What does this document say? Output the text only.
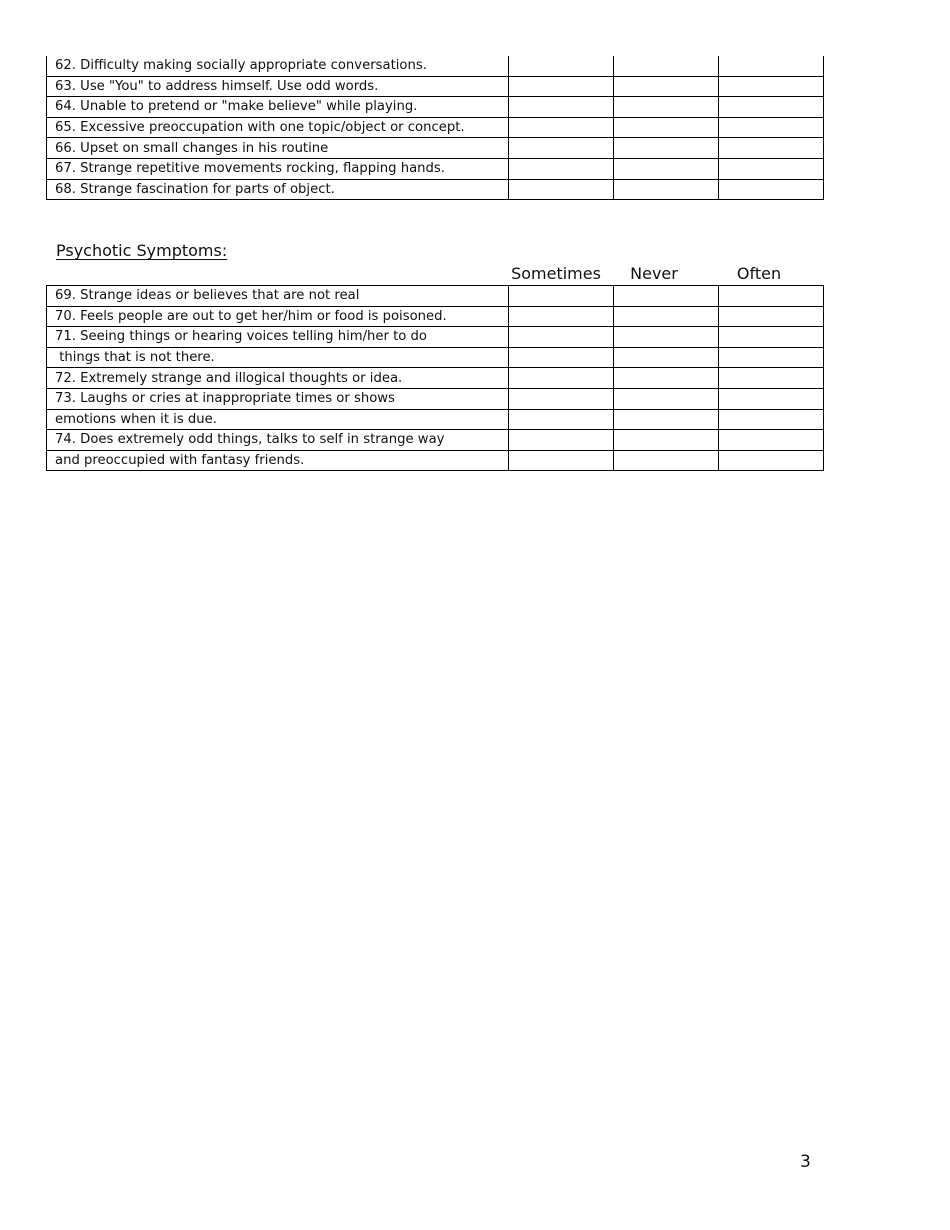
62. Difficulty making socially appropriate conversations.			
63. Use "You" to address himself. Use odd words.			
64. Unable to pretend or "make believe" while playing.			
65. Excessive preoccupation with one topic/object or concept.			
66. Upset on small changes in his routine			
67. Strange repetitive movements rocking, flapping hands.			
68. Strange fascination for parts of object.			
Psychotic Symptoms:
Sometimes	Never	Often
69. Strange ideas or believes that are not real			
70. Feels people are out to get her/him or food is poisoned.			
71. Seeing things or hearing voices telling him/her to do			
things that is not there.			
72. Extremely strange and illogical thoughts or idea.			
73. Laughs or cries at inappropriate times or shows			
emotions when it is due.			
74. Does extremely odd things, talks to self in strange way			
and preoccupied with fantasy friends.			
3
